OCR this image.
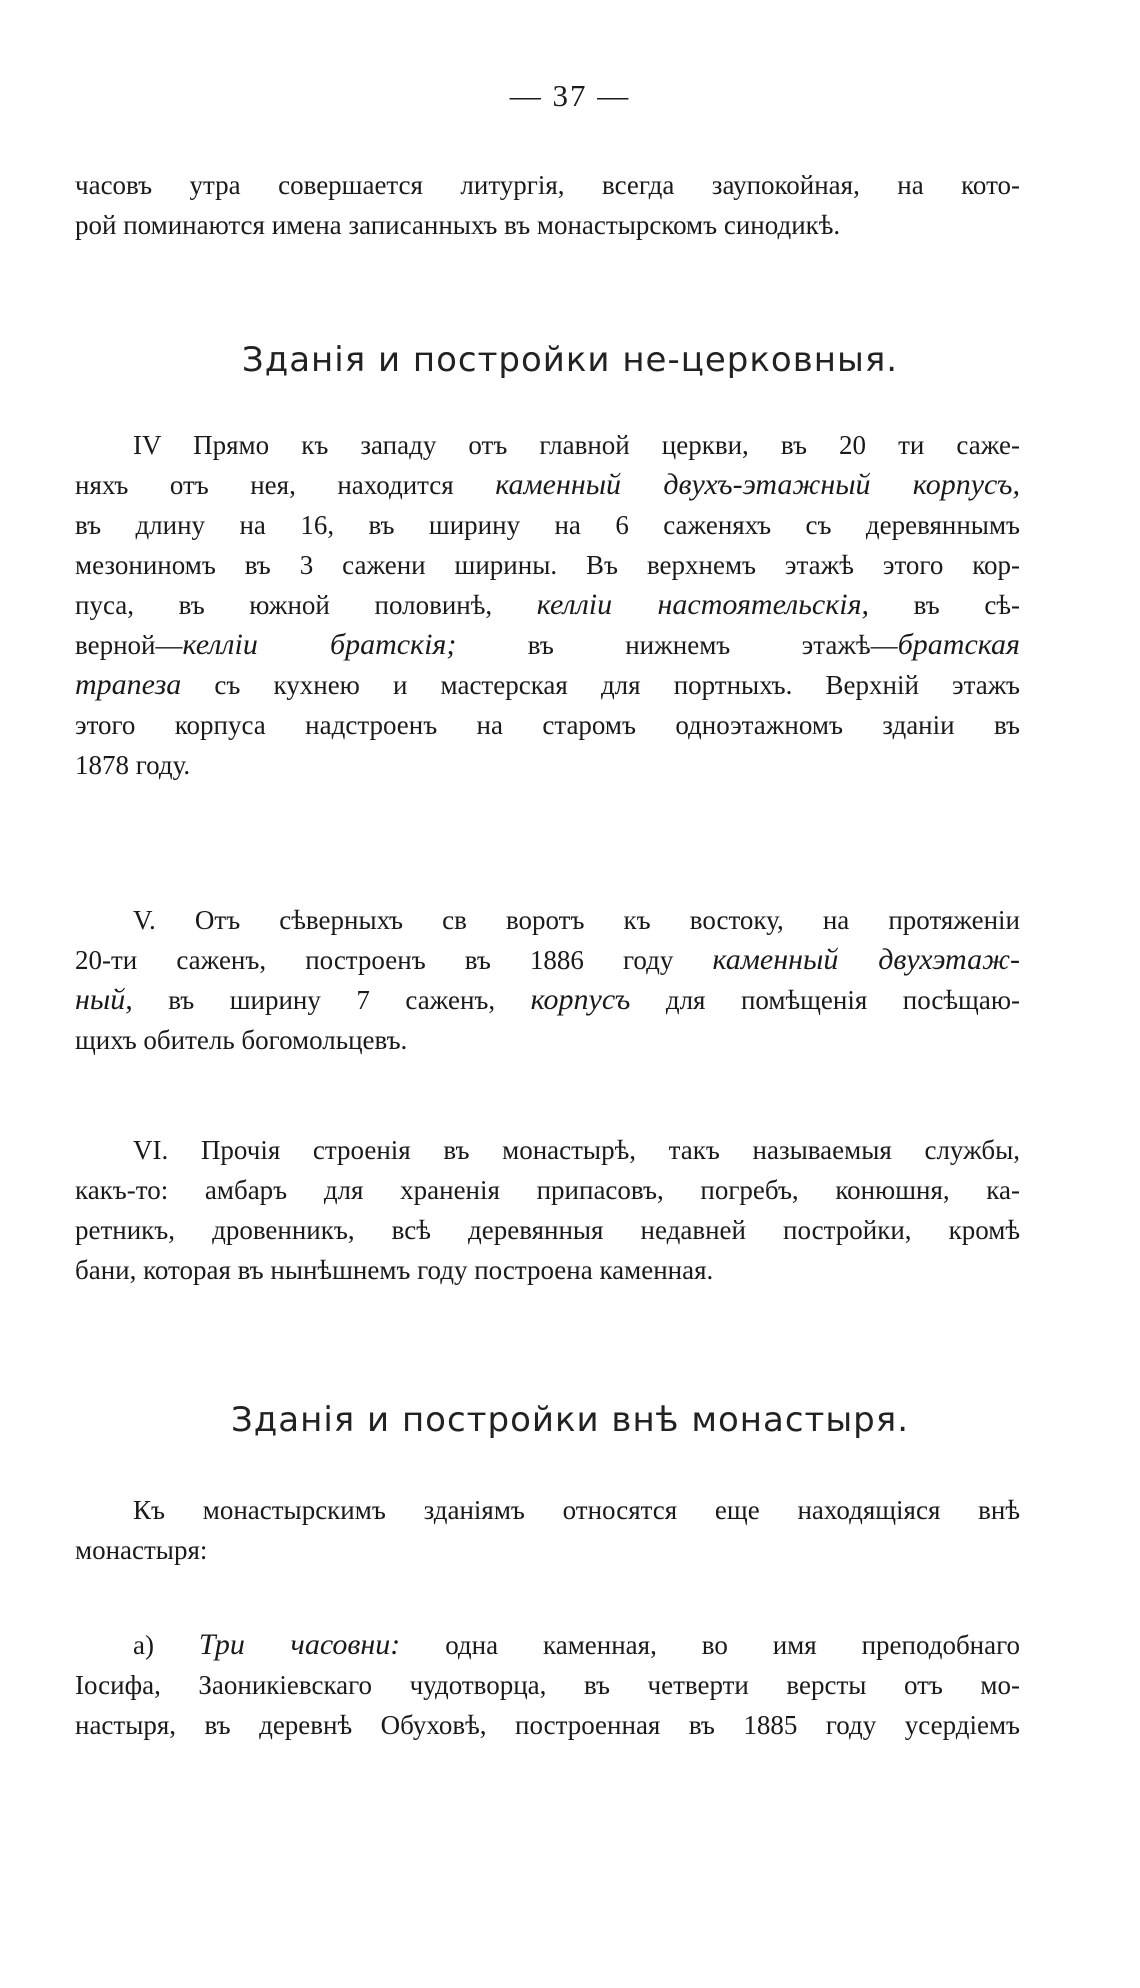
— 37 —
часовъ утра совершается литургія, всегда заупокойная, на кото-
рой поминаются имена записанныхъ въ монастырскомъ синодикѣ.
Зданія и постройки не-церковныя.
IV Прямо къ западу отъ главной церкви, въ 20 ти саже-
няхъ отъ нея, находится каменный двухъ-этажный корпусъ,
въ длину на 16, въ ширину на 6 саженяхъ съ деревяннымъ
мезониномъ въ 3 сажени ширины. Въ верхнемъ этажѣ этого кор-
пуса, въ южной половинѣ, келліи настоятельскія, въ сѣ-
верной—келліи братскія; въ нижнемъ этажѣ—братская
трапеза съ кухнею и мастерская для портныхъ. Верхній этажъ
этого корпуса надстроенъ на старомъ одноэтажномъ зданіи въ
1878 году.
V. Отъ сѣверныхъ св воротъ къ востоку, на протяженіи
20-ти саженъ, построенъ въ 1886 году каменный двухэтаж-
ный, въ ширину 7 саженъ, корпусъ для помѣщенія посѣщаю-
щихъ обитель богомольцевъ.
VI. Прочія строенія въ монастырѣ, такъ называемыя службы,
какъ-то: амбаръ для храненія припасовъ, погребъ, конюшня, ка-
ретникъ, дровенникъ, всѣ деревянныя недавней постройки, кромѣ
бани, которая въ нынѣшнемъ году построена каменная.
Зданія и постройки внѣ монастыря.
Къ монастырскимъ зданіямъ относятся еще находящіяся внѣ
монастыря:
а) Три часовни: одна каменная, во имя преподобнаго
Іосифа, Заоникіевскаго чудотворца, въ четверти версты отъ мо-
настыря, въ деревнѣ Обуховѣ, построенная въ 1885 году усердіемъ
